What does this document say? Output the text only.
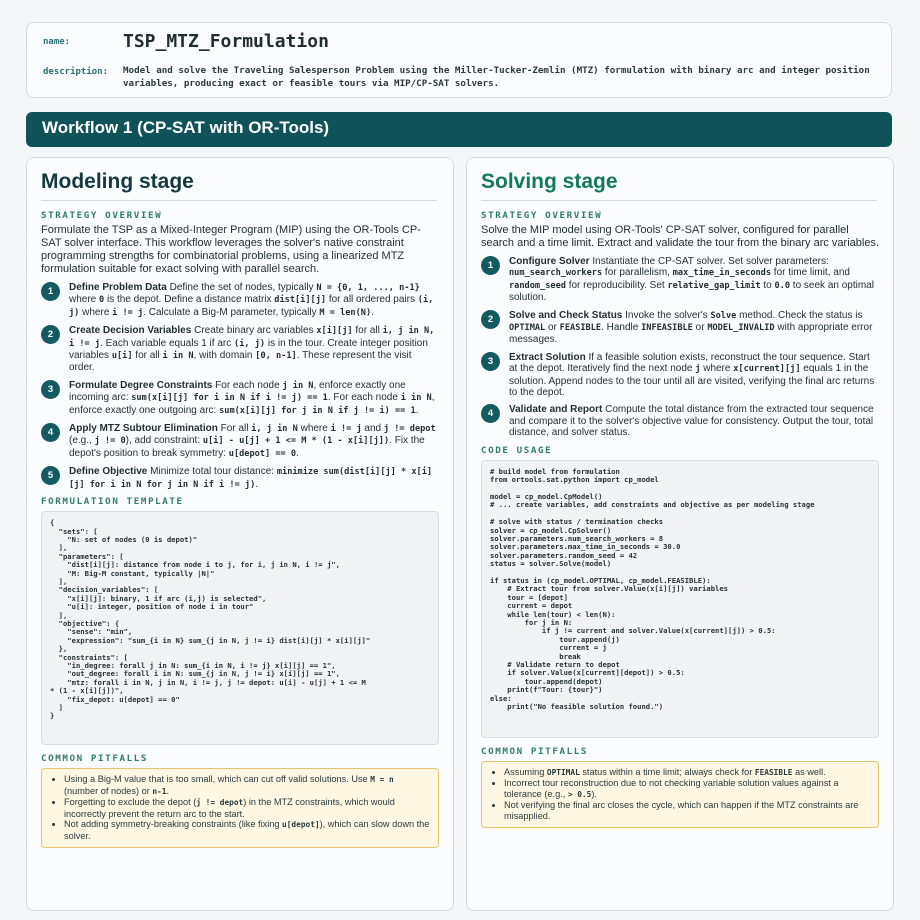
name:	TSP_MTZ_Formulation
description: Model and solve the Traveling Salesperson Problem using the Miller-Tucker-Zemlin (MTZ) formulation with binary arc and integer position variables, producing exact or feasible tours via MIP/CP-SAT solvers.
Workflow 1 (CP-SAT with OR-Tools)
Modeling stage
STRATEGY OVERVIEW
Formulate the TSP as a Mixed-Integer Program (MIP) using the OR-Tools CP-SAT solver interface. This workflow leverages the solver's native constraint programming strengths for combinatorial problems, using a linearized MTZ formulation suitable for exact solving with parallel search.
1	Define Problem Data Define the set of nodes, typically N = {0, 1, ..., n-1} where 0 is the depot. Define a distance matrix dist[i][j] for all ordered pairs (i, j) where i != j. Calculate a Big-M parameter, typically M = len(N).
2	Create Decision Variables Create binary arc variables x[i][j] for all i, j in N, i != j. Each variable equals 1 if arc (i, j) is in the tour. Create integer position variables u[i] for all i in N, with domain [0, n-1]. These represent the visit order.
3	Formulate Degree Constraints For each node j in N, enforce exactly one incoming arc: sum(x[i][j] for i in N if i != j) == 1. For each node i in N, enforce exactly one outgoing arc: sum(x[i][j] for j in N if j != i) == 1.
4	Apply MTZ Subtour Elimination For all i, j in N where i != j and j != depot (e.g., j != 0), add constraint: u[i] - u[j] + 1 <= M * (1 - x[i][j]). Fix the depot's position to break symmetry: u[depot] == 0.
5	Define Objective Minimize total tour distance: minimize sum(dist[i][j] * x[i][j] for i in N for j in N if i != j).
FORMULATION TEMPLATE
{
"sets": [
"N: set of nodes (0 is depot)"
],
"parameters": [
"dist[i][j]: distance from node i to j, for i, j in N, i != j",
"M: Big-M constant, typically |N|"
],
"decision_variables": [
"x[i][j]: binary, 1 if arc (i,j) is selected",
"u[i]: integer, position of node i in tour"
],
"objective": {
"sense": "min",
"expression": "sum_{i in N} sum_{j in N, j != i} dist[i][j] * x[i][j]"
},
"constraints": [
"in_degree: forall j in N: sum_{i in N, i != j} x[i][j] == 1",
"out_degree: forall i in N: sum_{j in N, j != i} x[i][j] == 1",
"mtz: forall i in N, j in N, i != j, j != depot: u[i] - u[j] + 1 <= M
* (1 - x[i][j])",
"fix_depot: u[depot] == 0"
]
}
COMMON PITFALLS
• Using a Big-M value that is too small, which can cut off valid solutions. Use M = n (number of nodes) or n-1.
• Forgetting to exclude the depot (j != depot) in the MTZ constraints, which would incorrectly prevent the return arc to the start.
• Not adding symmetry-breaking constraints (like fixing u[depot]), which can slow down the solver.
Solving stage
STRATEGY OVERVIEW
Solve the MIP model using OR-Tools' CP-SAT solver, configured for parallel search and a time limit. Extract and validate the tour from the binary arc variables.
1	Configure Solver Instantiate the CP-SAT solver. Set solver parameters: num_search_workers for parallelism, max_time_in_seconds for time limit, and random_seed for reproducibility. Set relative_gap_limit to 0.0 to seek an optimal solution.
2	Solve and Check Status Invoke the solver's Solve method. Check the status is OPTIMAL or FEASIBLE. Handle INFEASIBLE or MODEL_INVALID with appropriate error messages.
3	Extract Solution If a feasible solution exists, reconstruct the tour sequence. Start at the depot. Iteratively find the next node j where x[current][j] equals 1 in the solution. Append nodes to the tour until all are visited, verifying the final arc returns to the depot.
4	Validate and Report Compute the total distance from the extracted tour sequence and compare it to the solver's objective value for consistency. Output the tour, total distance, and solver status.
CODE USAGE
# build model from formulation
from ortools.sat.python import cp_model

model = cp_model.CpModel()
# ... create variables, add constraints and objective as per modeling stage

# solve with status / termination checks
solver = cp_model.CpSolver()
solver.parameters.num_search_workers = 8
solver.parameters.max_time_in_seconds = 30.0
solver.parameters.random_seed = 42
status = solver.Solve(model)

if status in (cp_model.OPTIMAL, cp_model.FEASIBLE):
# Extract tour from solver.Value(x[i][j]) variables
tour = [depot]
current = depot
while len(tour) < len(N):
for j in N:
if j != current and solver.Value(x[current][j]) > 0.5:
tour.append(j)
current = j
break
# Validate return to depot
if solver.Value(x[current][depot]) > 0.5:
tour.append(depot)
print(f"Tour: {tour}")
else:
print("No feasible solution found.")
COMMON PITFALLS
• Assuming OPTIMAL status within a time limit; always check for FEASIBLE as well.
• Incorrect tour reconstruction due to not checking variable solution values against a tolerance (e.g., > 0.5).
• Not verifying the final arc closes the cycle, which can happen if the MTZ constraints are misapplied.
